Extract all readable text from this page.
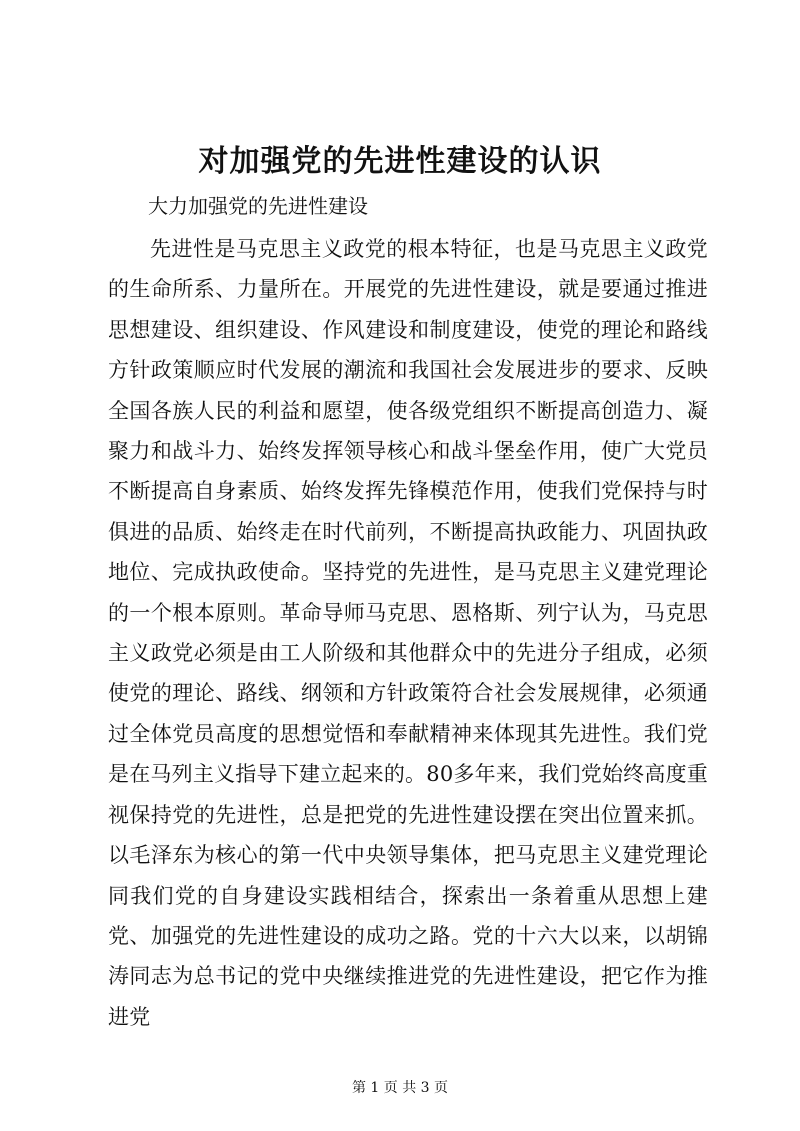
对加强党的先进性建设的认识
大力加强党的先进性建设

先进性是马克思主义政党的根本特征，也是马克思主义政党的生命所系、力量所在。开展党的先进性建设，就是要通过推进思想建设、组织建设、作风建设和制度建设，使党的理论和路线方针政策顺应时代发展的潮流和我国社会发展进步的要求、反映全国各族人民的利益和愿望，使各级党组织不断提高创造力、凝聚力和战斗力、始终发挥领导核心和战斗堡垒作用，使广大党员不断提高自身素质、始终发挥先锋模范作用，使我们党保持与时俱进的品质、始终走在时代前列，不断提高执政能力、巩固执政地位、完成执政使命。坚持党的先进性，是马克思主义建党理论的一个根本原则。革命导师马克思、恩格斯、列宁认为，马克思主义政党必须是由工人阶级和其他群众中的先进分子组成，必须使党的理论、路线、纲领和方针政策符合社会发展规律，必须通过全体党员高度的思想觉悟和奉献精神来体现其先进性。我们党是在马列主义指导下建立起来的。80多年来，我们党始终高度重视保持党的先进性，总是把党的先进性建设摆在突出位置来抓。以毛泽东为核心的第一代中央领导集体，把马克思主义建党理论同我们党的自身建设实践相结合，探索出一条着重从思想上建党、加强党的先进性建设的成功之路。党的十六大以来，以胡锦涛同志为总书记的党中央继续推进党的先进性建设，把它作为推进党

第 1 页 共 3 页
